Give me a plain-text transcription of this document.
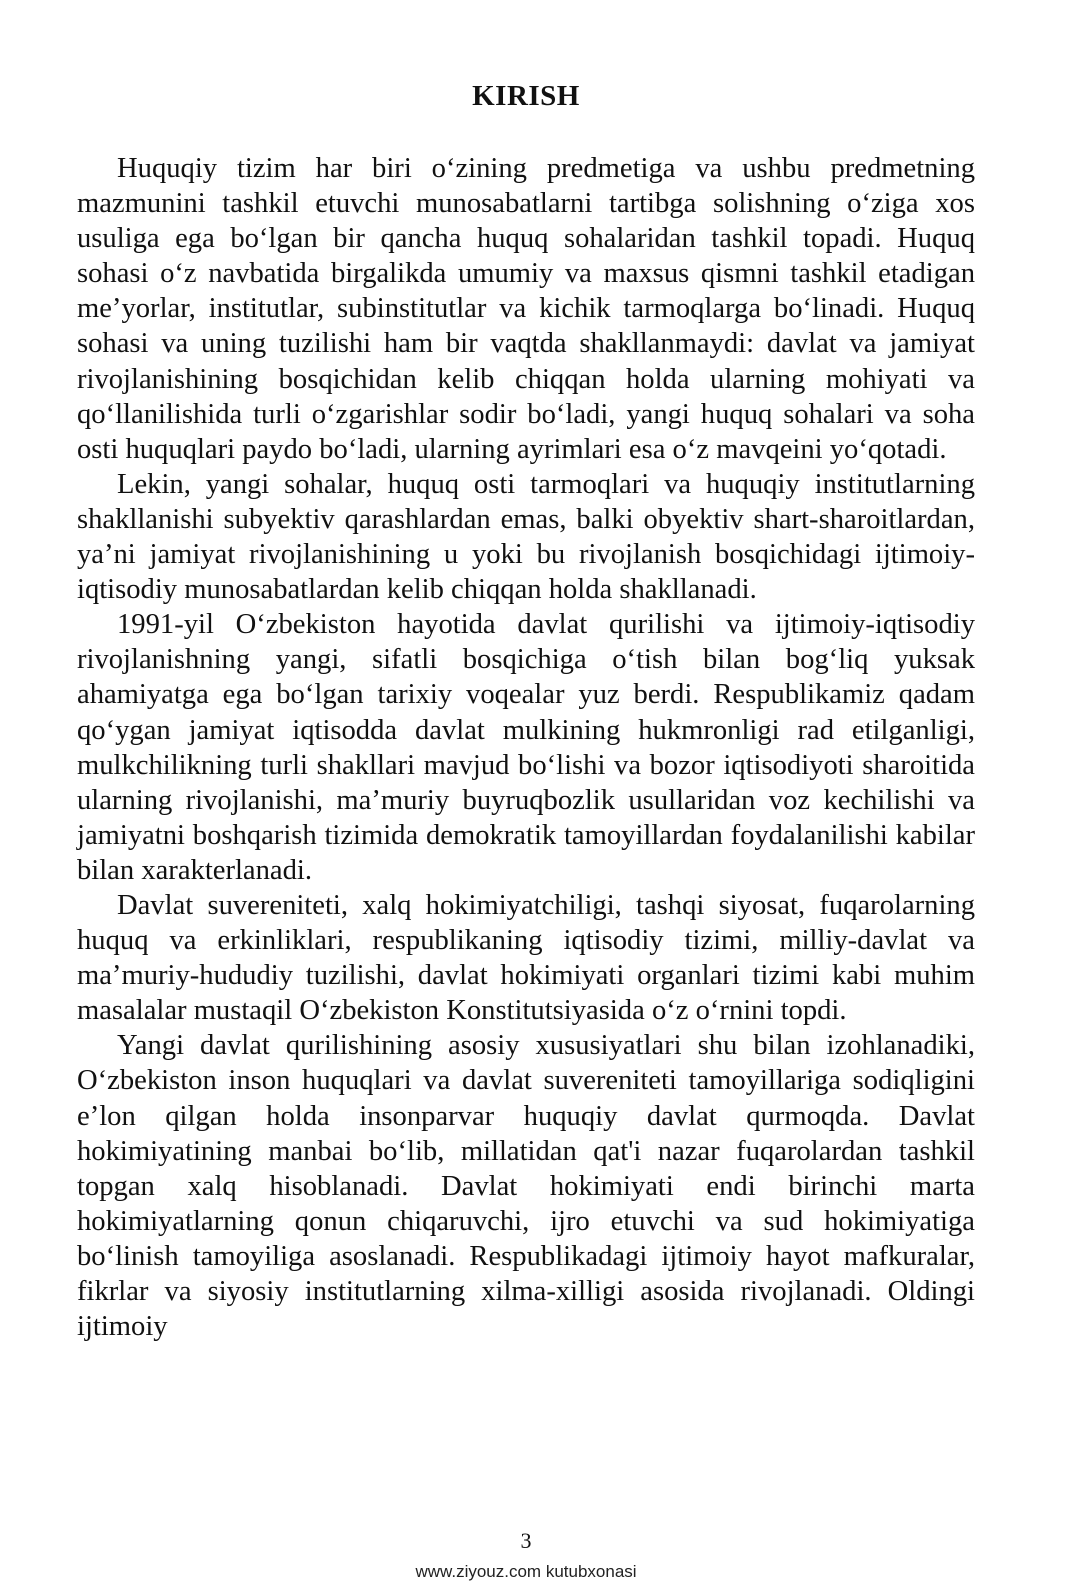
KIRISH

Huquqiy tizim har biri o‘zining predmetiga va ushbu predmetning mazmunini tashkil etuvchi munosabatlarni tartibga solishning o‘ziga xos usuliga ega bo‘lgan bir qancha huquq sohalaridan tashkil topadi. Huquq sohasi o‘z navbatida birgalikda umumiy va maxsus qismni tashkil etadigan me’yorlar, institutlar, subinstitutlar va kichik tarmoqlarga bo‘linadi. Huquq sohasi va uning tuzilishi ham bir vaqtda shakllanmaydi: davlat va jamiyat rivojlanishining bosqichidan kelib chiqqan holda ularning mohiyati va qo‘llanilishida turli o‘zgarishlar sodir bo‘ladi, yangi huquq sohalari va soha osti huquqlari paydo bo‘ladi, ularning ayrimlari esa o‘z mavqeini yo‘qotadi.

Lekin, yangi sohalar, huquq osti tarmoqlari va huquqiy institutlarning shakllanishi subyektiv qarashlardan emas, balki obyektiv shart-sharoitlardan, ya’ni jamiyat rivojlanishining u yoki bu rivojlanish bosqichidagi ijtimoiy-iqtisodiy munosabatlardan kelib chiqqan holda shakllanadi.

1991-yil O‘zbekiston hayotida davlat qurilishi va ijtimoiy-iqtisodiy rivojlanishning yangi, sifatli bosqichiga o‘tish bilan bog‘liq yuksak ahamiyatga ega bo‘lgan tarixiy voqealar yuz berdi. Respublikamiz qadam qo‘ygan jamiyat iqtisodda davlat mulkining hukmronligi rad etilganligi, mulkchilikning turli shakllari mavjud bo‘lishi va bozor iqtisodiyoti sharoitida ularning rivojlanishi, ma’muriy buyruqbozlik usullaridan voz kechilishi va jamiyatni boshqarish tizimida demokratik tamoyillardan foydalanilishi kabilar bilan xarakterlanadi.

Davlat suvereniteti, xalq hokimiyatchiligi, tashqi siyosat, fuqarolarning huquq va erkinliklari, respublikaning iqtisodiy tizimi, milliy-davlat va ma’muriy-hududiy tuzilishi, davlat hokimiyati organlari tizimi kabi muhim masalalar mustaqil O‘zbekiston Konstitutsiyasida o‘z o‘rnini topdi.

Yangi davlat qurilishining asosiy xususiyatlari shu bilan izohlanadiki, O‘zbekiston inson huquqlari va davlat suvereniteti tamoyillariga sodiqligini e’lon qilgan holda insonparvar huquqiy davlat qurmoqda. Davlat hokimiyatining manbai bo‘lib, millatidan qat'i nazar fuqarolardan tashkil topgan xalq hisoblanadi. Davlat hokimiyati endi birinchi marta hokimiyatlarning qonun chiqaruvchi, ijro etuvchi va sud hokimiyatiga bo‘linish tamoyiliga asoslanadi. Respublikadagi ijtimoiy hayot mafkuralar, fikrlar va siyosiy institutlarning xilma-xilligi asosida rivojlanadi. Oldingi ijtimoiy

3

www.ziyouz.com kutubxonasi
